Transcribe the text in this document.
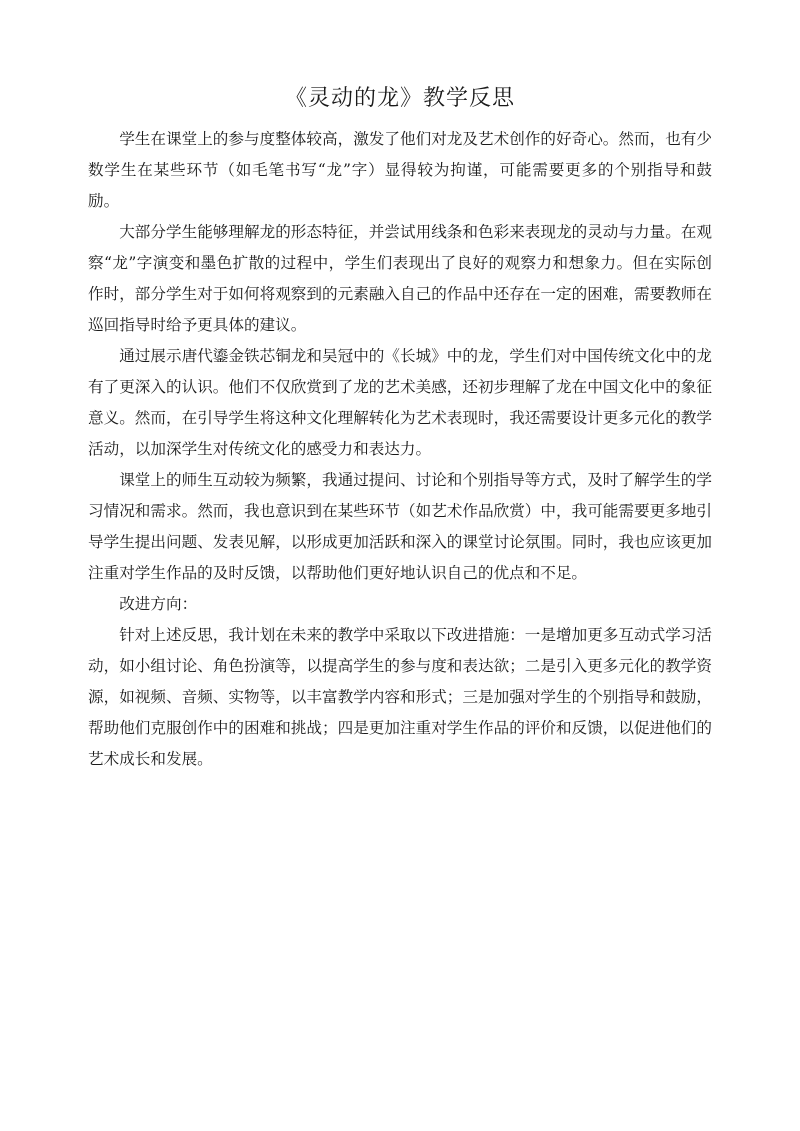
《灵动的龙》教学反思

学生在课堂上的参与度整体较高，激发了他们对龙及艺术创作的好奇心。然而，也有少数学生在某些环节（如毛笔书写“龙”字）显得较为拘谨，可能需要更多的个别指导和鼓励。

大部分学生能够理解龙的形态特征，并尝试用线条和色彩来表现龙的灵动与力量。在观察“龙”字演变和墨色扩散的过程中，学生们表现出了良好的观察力和想象力。但在实际创作时，部分学生对于如何将观察到的元素融入自己的作品中还存在一定的困难，需要教师在巡回指导时给予更具体的建议。

通过展示唐代鎏金铁芯铜龙和吴冠中的《长城》中的龙，学生们对中国传统文化中的龙有了更深入的认识。他们不仅欣赏到了龙的艺术美感，还初步理解了龙在中国文化中的象征意义。然而，在引导学生将这种文化理解转化为艺术表现时，我还需要设计更多元化的教学活动，以加深学生对传统文化的感受力和表达力。

课堂上的师生互动较为频繁，我通过提问、讨论和个别指导等方式，及时了解学生的学习情况和需求。然而，我也意识到在某些环节（如艺术作品欣赏）中，我可能需要更多地引导学生提出问题、发表见解，以形成更加活跃和深入的课堂讨论氛围。同时，我也应该更加注重对学生作品的及时反馈，以帮助他们更好地认识自己的优点和不足。

改进方向：

针对上述反思，我计划在未来的教学中采取以下改进措施：一是增加更多互动式学习活动，如小组讨论、角色扮演等，以提高学生的参与度和表达欲；二是引入更多元化的教学资源，如视频、音频、实物等，以丰富教学内容和形式；三是加强对学生的个别指导和鼓励，帮助他们克服创作中的困难和挑战；四是更加注重对学生作品的评价和反馈，以促进他们的艺术成长和发展。
